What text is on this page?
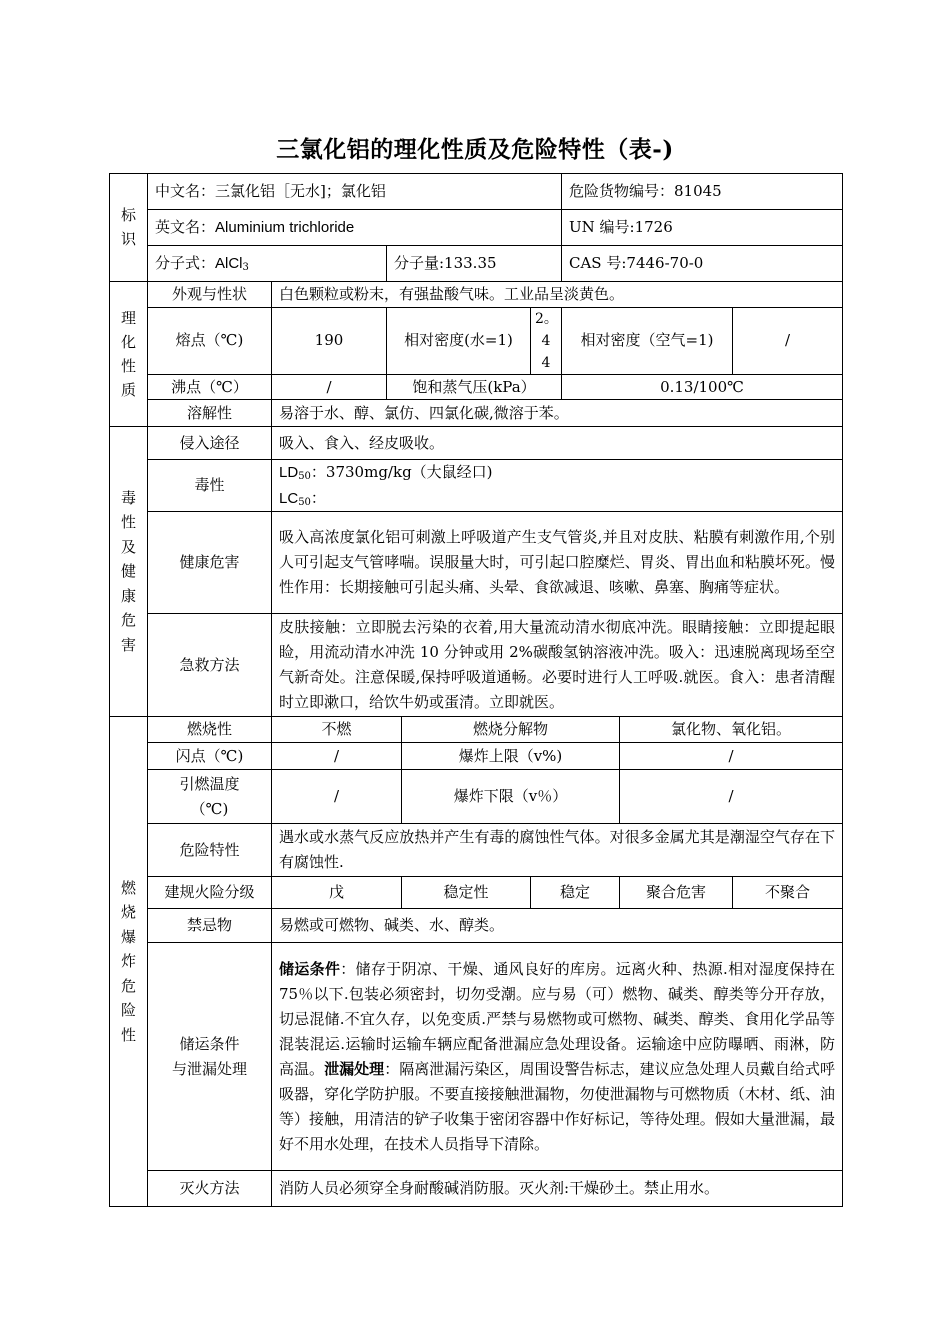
三氯化铝的理化性质及危险特性（表-)
标识	中文名：三氯化铝［无水]；氯化铝					危险货物编号：81045		
	英文名：Aluminium trichloride					UN 编号:1726		
	分子式：AlCl$_3$		分子量:133.35			CAS 号:7446-70-0		
理化性质	外观与性状	白色颗粒或粉末，有强盐酸气味。工业品呈淡黄色。						
	熔点（℃)	190	相对密度(水=1)		2。4 4	相对密度（空气=1)		/
	沸点（℃）	/	饱和蒸气压(kPa）			0.13/100℃		
	溶解性	易溶于水、醇、氯仿、四氯化碳,微溶于苯。						
毒性及健康危害	侵入途径	吸入、食入、经皮吸收。						
	毒性	$LD_{50}$：3730mg/kg（大鼠经口)
$LC_{50}$：						

	健康危害	吸入高浓度氯化铝可刺激上呼吸道产生支气管炎,并且对皮肤、粘膜有刺激作用,个别人可引起支气管哮喘。误服量大时，可引起口腔糜烂、胃炎、胃出血和粘膜坏死。慢性作用：长期接触可引起头痛、头晕、食欲减退、咳嗽、鼻塞、胸痛等症状。						
	急救方法	皮肤接触：立即脱去污染的衣着,用大量流动清水彻底冲洗。眼睛接触：立即提起眼睑，用流动清水冲洗 10 分钟或用 2%碳酸氢钠溶液冲洗。吸入：迅速脱离现场至空气新奇处。注意保暖,保持呼吸道通畅。必要时进行人工呼吸.就医。食入：患者清醒时立即漱口，给饮牛奶或蛋清。立即就医。						
燃烧爆炸危险性	燃烧性	不燃		燃烧分解物			氯化物、氧化铝。	
	闪点（℃)	/		爆炸上限（v%)			/	

	引燃温度
（℃)	/		爆炸下限（v％）			/	
	危险特性	遇水或水蒸气反应放热并产生有毒的腐蚀性气体。对很多金属尤其是潮湿空气存在下有腐蚀性.						
	建规火险分级	戊		稳定性	稳定		聚合危害	不聚合
	禁忌物	易燃或可燃物、碱类、水、醇类。						

	储运条件
与泄漏处理	储运条件：储存于阴凉、干燥、通风良好的库房。远离火种、热源.相对湿度保持在 75％以下.包装必须密封，切勿受潮。应与易（可）燃物、碱类、醇类等分开存放，切忌混储.不宜久存，以免变质.严禁与易燃物或可燃物、碱类、醇类、食用化学品等混装混运.运输时运输车辆应配备泄漏应急处理设备。运输途中应防曝晒、雨淋，防高温。泄漏处理：隔离泄漏污染区，周围设警告标志，建议应急处理人员戴自给式呼吸器，穿化学防护服。不要直接接触泄漏物，勿使泄漏物与可燃物质（木材、纸、油等）接触，用清洁的铲子收集于密闭容器中作好标记，等待处理。假如大量泄漏，最好不用水处理，在技术人员指导下清除。						
	灭火方法	消防人员必须穿全身耐酸碱消防服。灭火剂:干燥砂土。禁止用水。						
